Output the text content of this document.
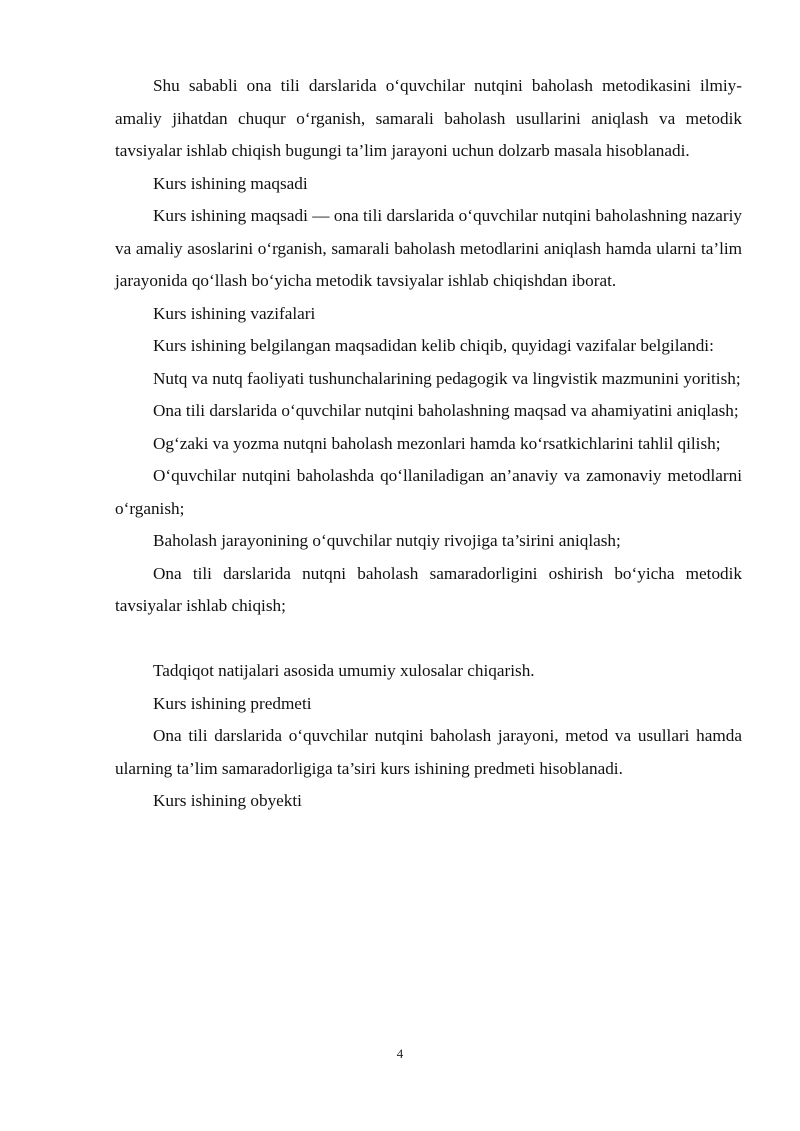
Shu sababli ona tili darslarida o‘quvchilar nutqini baholash metodikasini ilmiy-amaliy jihatdan chuqur o‘rganish, samarali baholash usullarini aniqlash va metodik tavsiyalar ishlab chiqish bugungi ta’lim jarayoni uchun dolzarb masala hisoblanadi.

Kurs ishining maqsadi

Kurs ishining maqsadi — ona tili darslarida o‘quvchilar nutqini baholashning nazariy va amaliy asoslarini o‘rganish, samarali baholash metodlarini aniqlash hamda ularni ta’lim jarayonida qo‘llash bo‘yicha metodik tavsiyalar ishlab chiqishdan iborat.

Kurs ishining vazifalari

Kurs ishining belgilangan maqsadidan kelib chiqib, quyidagi vazifalar belgilandi:

Nutq va nutq faoliyati tushunchalarining pedagogik va lingvistik mazmunini yoritish;

Ona tili darslarida o‘quvchilar nutqini baholashning maqsad va ahamiyatini aniqlash;

Og‘zaki va yozma nutqni baholash mezonlari hamda ko‘rsatkichlarini tahlil qilish;

O‘quvchilar nutqini baholashda qo‘llaniladigan an’anaviy va zamonaviy metodlarni o‘rganish;

Baholash jarayonining o‘quvchilar nutqiy rivojiga ta’sirini aniqlash;

Ona tili darslarida nutqni baholash samaradorligini oshirish bo‘yicha metodik tavsiyalar ishlab chiqish;

Tadqiqot natijalari asosida umumiy xulosalar chiqarish.

Kurs ishining predmeti

Ona tili darslarida o‘quvchilar nutqini baholash jarayoni, metod va usullari hamda ularning ta’lim samaradorligiga ta’siri kurs ishining predmeti hisoblanadi.

Kurs ishining obyekti

4
